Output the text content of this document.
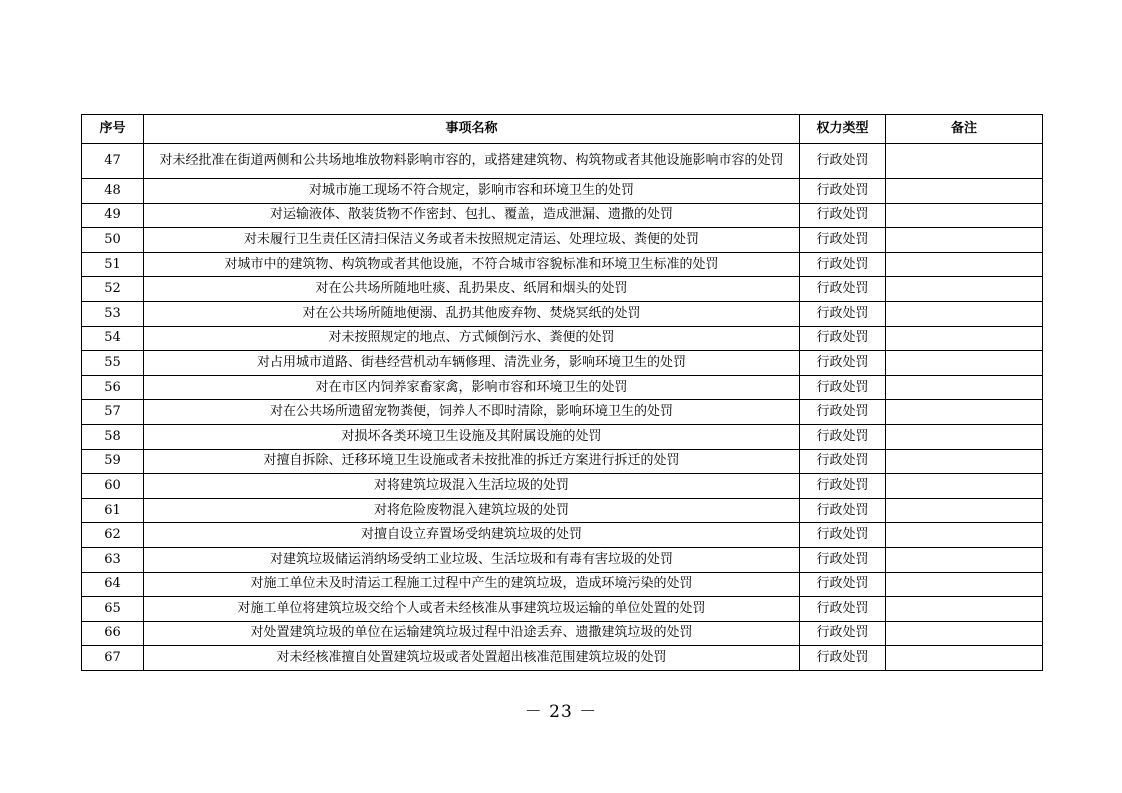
序号	事项名称	权力类型	备注
47	对未经批准在街道两侧和公共场地堆放物料影响市容的，或搭建建筑物、构筑物或者其他设施影响市容的处罚	行政处罚	
48	对城市施工现场不符合规定，影响市容和环境卫生的处罚	行政处罚	
49	对运输液体、散装货物不作密封、包扎、覆盖，造成泄漏、遗撒的处罚	行政处罚	
50	对未履行卫生责任区清扫保洁义务或者未按照规定清运、处理垃圾、粪便的处罚	行政处罚	
51	对城市中的建筑物、构筑物或者其他设施，不符合城市容貌标准和环境卫生标准的处罚	行政处罚	
52	对在公共场所随地吐痰、乱扔果皮、纸屑和烟头的处罚	行政处罚	
53	对在公共场所随地便溺、乱扔其他废弃物、焚烧冥纸的处罚	行政处罚	
54	对未按照规定的地点、方式倾倒污水、粪便的处罚	行政处罚	
55	对占用城市道路、街巷经营机动车辆修理、清洗业务，影响环境卫生的处罚	行政处罚	
56	对在市区内饲养家畜家禽，影响市容和环境卫生的处罚	行政处罚	
57	对在公共场所遗留宠物粪便，饲养人不即时清除，影响环境卫生的处罚	行政处罚	
58	对损坏各类环境卫生设施及其附属设施的处罚	行政处罚	
59	对擅自拆除、迁移环境卫生设施或者未按批准的拆迁方案进行拆迁的处罚	行政处罚	
60	对将建筑垃圾混入生活垃圾的处罚	行政处罚	
61	对将危险废物混入建筑垃圾的处罚	行政处罚	
62	对擅自设立弃置场受纳建筑垃圾的处罚	行政处罚	
63	对建筑垃圾储运消纳场受纳工业垃圾、生活垃圾和有毒有害垃圾的处罚	行政处罚	
64	对施工单位未及时清运工程施工过程中产生的建筑垃圾，造成环境污染的处罚	行政处罚	
65	对施工单位将建筑垃圾交给个人或者未经核准从事建筑垃圾运输的单位处置的处罚	行政处罚	
66	对处置建筑垃圾的单位在运输建筑垃圾过程中沿途丢弃、遗撒建筑垃圾的处罚	行政处罚	
67	对未经核准擅自处置建筑垃圾或者处置超出核准范围建筑垃圾的处罚	行政处罚	
－ 23 －
